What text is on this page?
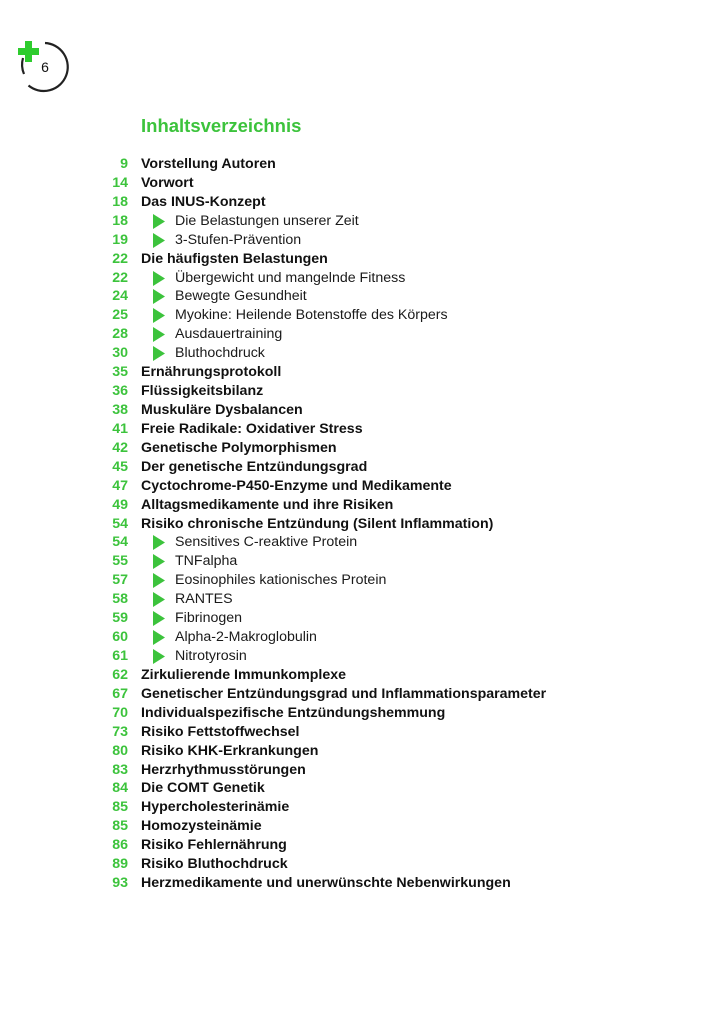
6
Inhaltsverzeichnis
9 Vorstellung Autoren
14 Vorwort
18 Das INUS-Konzept
18	Die Belastungen unserer Zeit
19	3-Stufen-Prävention
22 Die häufigsten Belastungen
22	Übergewicht und mangelnde Fitness
24	Bewegte Gesundheit
25	Myokine: Heilende Botenstoffe des Körpers
28	Ausdauertraining
30	Bluthochdruck
35 Ernährungsprotokoll
36 Flüssigkeitsbilanz
38 Muskuläre Dysbalancen
41 Freie Radikale: Oxidativer Stress
42 Genetische Polymorphismen
45 Der genetische Entzündungsgrad
47 Cyctochrome-P450-Enzyme und Medikamente
49 Alltagsmedikamente und ihre Risiken
54 Risiko chronische Entzündung (Silent Inflammation)
54	Sensitives C-reaktive Protein
55	TNFalpha
57	Eosinophiles kationisches Protein
58	RANTES
59	Fibrinogen
60	Alpha-2-Makroglobulin
61	Nitrotyrosin
62 Zirkulierende Immunkomplexe
67 Genetischer Entzündungsgrad und Inflammationsparameter
70 Individualspezifische Entzündungshemmung
73 Risiko Fettstoffwechsel
80 Risiko KHK-Erkrankungen
83 Herzrhythmusstörungen
84 Die COMT Genetik
85 Hypercholesterinämie
85 Homozysteinämie
86 Risiko Fehlernährung
89 Risiko Bluthochdruck
93 Herzmedikamente und unerwünschte Nebenwirkungen
